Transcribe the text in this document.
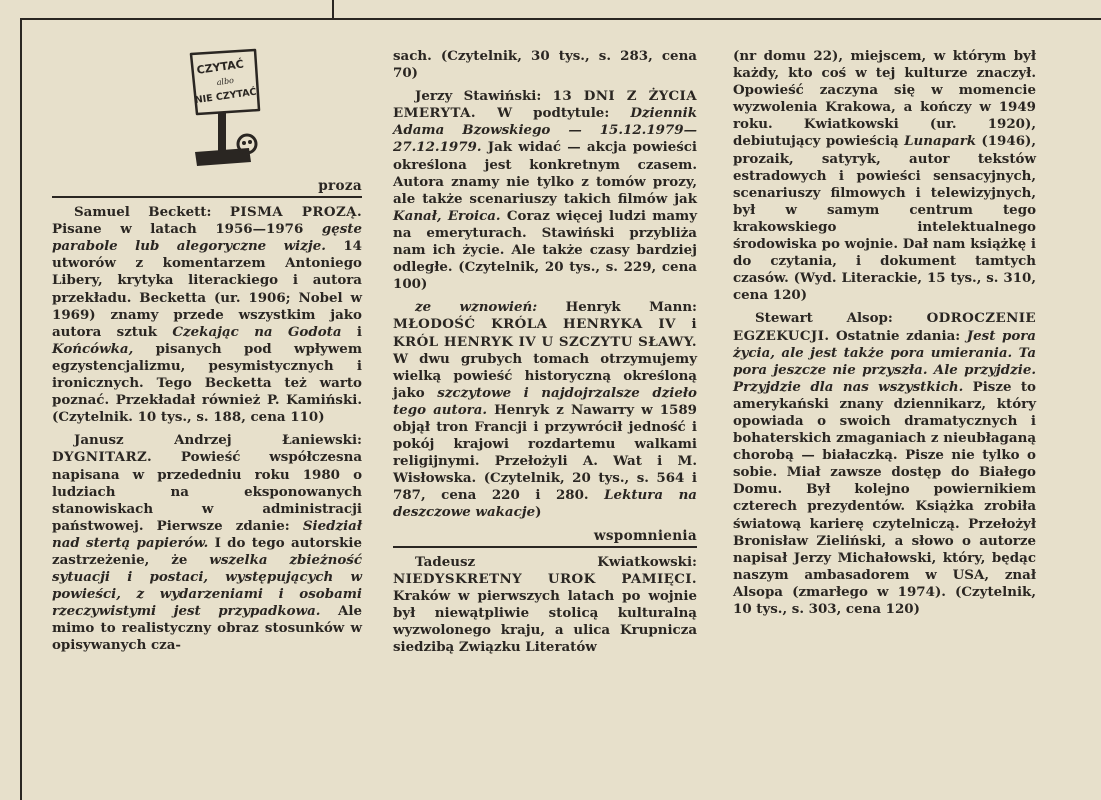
CZYTAĆ
albo
NIE CZYTAĆ
proza

Samuel Beckett: PISMA PROZĄ. Pisane w latach 1956—1976 gęste parabole lub alegoryczne wizje. 14 utworów z komentarzem Antoniego Libery, krytyka literackiego i autora przekładu. Becketta (ur. 1906; Nobel w 1969) znamy przede wszystkim jako autora sztuk Czekając na Godota i Końcówka, pisanych pod wpływem egzystencjalizmu, pesymistycznych i ironicznych. Tego Becketta też warto poznać. Przekładał również P. Kamiński. (Czytelnik. 10 tys., s. 188, cena 110)

Janusz Andrzej Łaniewski: DYGNITARZ. Powieść współczesna napisana w przededniu roku 1980 o ludziach na eksponowanych stanowiskach w administracji państwowej. Pierwsze zdanie: Siedział nad stertą papierów. I do tego autorskie zastrzeżenie, że wszelka zbieżność sytuacji i postaci, występujących w powieści, z wydarzeniami i osobami rzeczywistymi jest przypadkowa. Ale mimo to realistyczny obraz stosunków w opisywanych cza-

sach. (Czytelnik, 30 tys., s. 283, cena 70)

Jerzy Stawiński: 13 DNI Z ŻYCIA EMERYTA. W podtytule: Dziennik Adama Bzowskiego — 15.12.1979—27.12.1979. Jak widać — akcja powieści określona jest konkretnym czasem. Autora znamy nie tylko z tomów prozy, ale także scenariuszy takich filmów jak Kanał, Eroica. Coraz więcej ludzi mamy na emeryturach. Stawiński przybliża nam ich życie. Ale także czasy bardziej odległe. (Czytelnik, 20 tys., s. 229, cena 100)

ze wznowień: Henryk Mann: MŁODOŚĆ KRÓLA HENRYKA IV i KRÓL HENRYK IV U SZCZYTU SŁAWY. W dwu grubych tomach otrzymujemy wielką powieść historyczną określoną jako szczytowe i najdojrzalsze dzieło tego autora. Henryk z Nawarry w 1589 objął tron Francji i przywrócił jedność i pokój krajowi rozdartemu walkami religijnymi. Przełożyli A. Wat i M. Wisłowska. (Czytelnik, 20 tys., s. 564 i 787, cena 220 i 280. Lektura na deszczowe wakacje)

wspomnienia

Tadeusz Kwiatkowski: NIEDYSKRETNY UROK PAMIĘCI. Kraków w pierwszych latach po wojnie był niewątpliwie stolicą kulturalną wyzwolonego kraju, a ulica Krupnicza siedzibą Związku Literatów

(nr domu 22), miejscem, w którym był każdy, kto coś w tej kulturze znaczył. Opowieść zaczyna się w momencie wyzwolenia Krakowa, a kończy w 1949 roku. Kwiatkowski (ur. 1920), debiutujący powieścią Lunapark (1946), prozaik, satyryk, autor tekstów estradowych i powieści sensacyjnych, scenariuszy filmowych i telewizyjnych, był w samym centrum tego krakowskiego intelektualnego środowiska po wojnie. Dał nam książkę i do czytania, i dokument tamtych czasów. (Wyd. Literackie, 15 tys., s. 310, cena 120)

Stewart Alsop:	ODROCZENIE EGZEKUCJI. Ostatnie zdania: Jest pora życia, ale jest także pora umierania. Ta pora jeszcze nie przyszła. Ale przyjdzie. Przyjdzie dla nas wszystkich. Pisze to amerykański znany dziennikarz, który opowiada o swoich dramatycznych i bohaterskich zmaganiach z nieubłaganą chorobą — białaczką. Pisze nie tylko o sobie. Miał zawsze dostęp do Białego Domu. Był kolejno powiernikiem czterech prezydentów. Książka zrobiła światową karierę czytelniczą. Przełożył Bronisław Zieliński, a słowo o autorze napisał Jerzy Michałowski, który, będąc naszym ambasadorem w USA, znał Alsopa (zmarłego w 1974). (Czytelnik, 10 tys., s. 303, cena 120)
